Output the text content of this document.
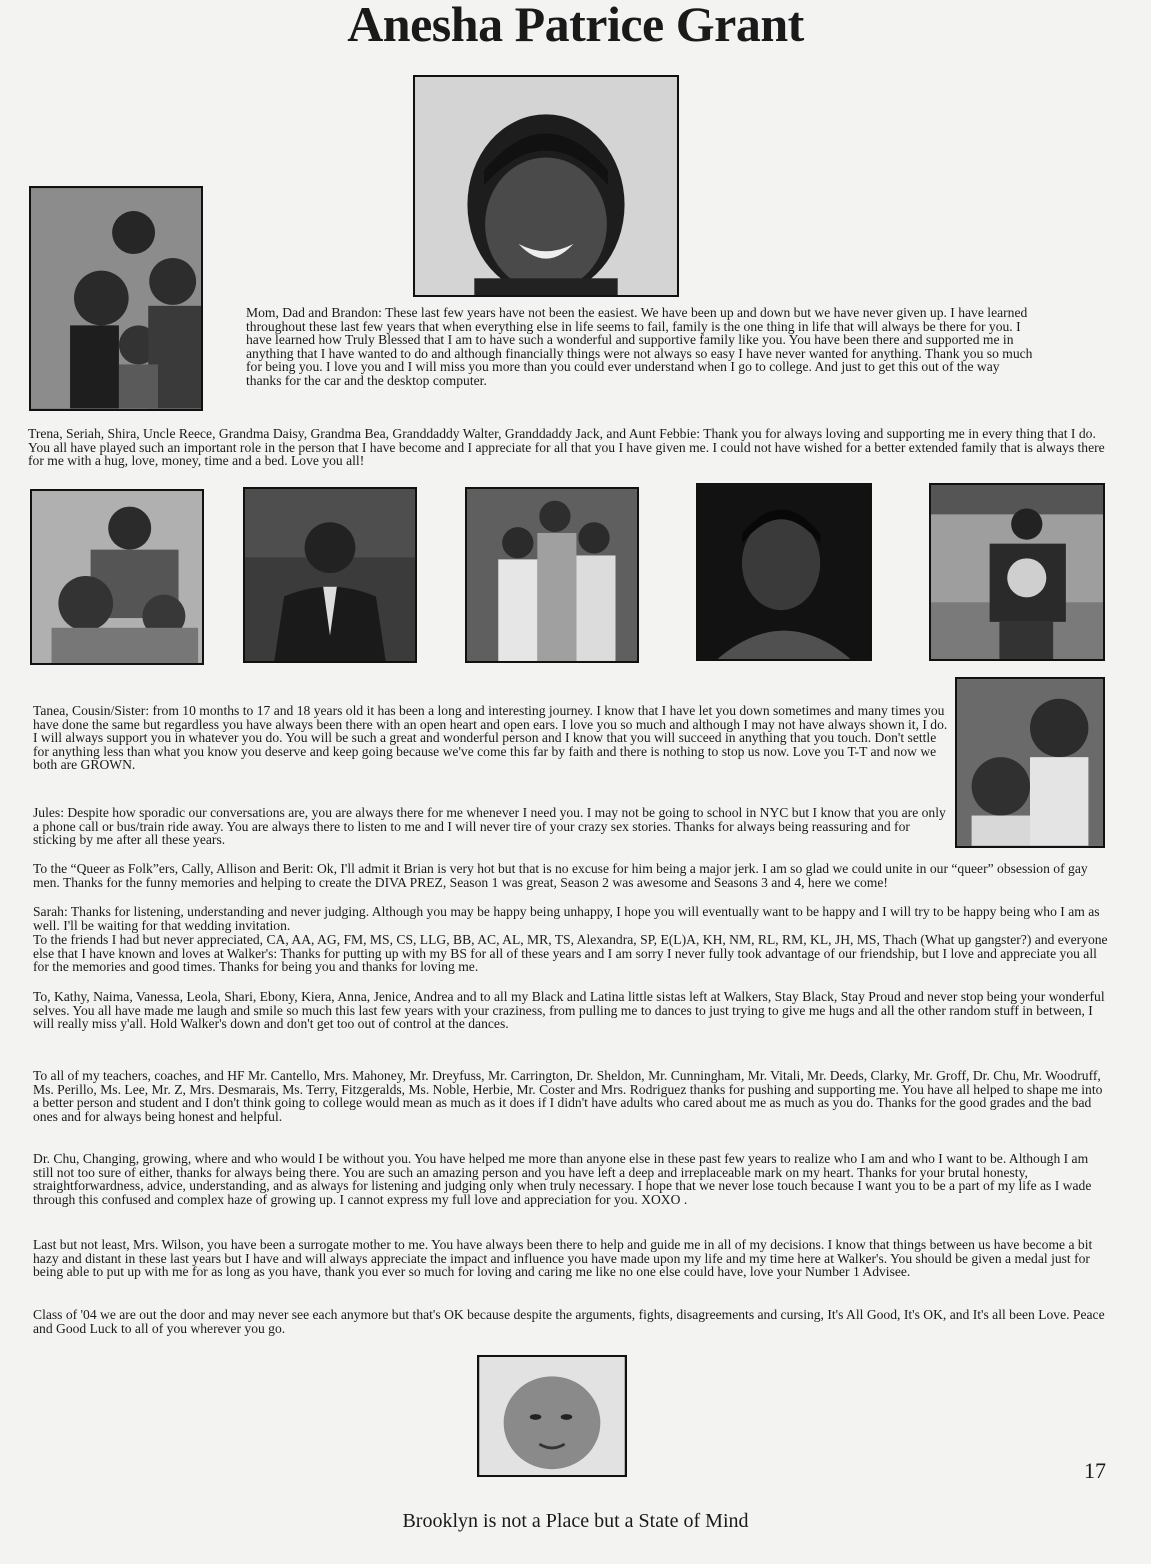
Anesha Patrice Grant

Mom, Dad and Brandon: These last few years have not been the easiest. We have been up and down but we have never given up. I have learned throughout these last few years that when everything else in life seems to fail, family is the one thing in life that will always be there for you. I have learned how Truly Blessed that I am to have such a wonderful and supportive family like you. You have been there and supported me in anything that I have wanted to do and although financially things were not always so easy I have never wanted for anything. Thank you so much for being you. I love you and I will miss you more than you could ever understand when I go to college. And just to get this out of the way thanks for the car and the desktop computer.

Trena, Seriah, Shira, Uncle Reece, Grandma Daisy, Grandma Bea, Granddaddy Walter, Granddaddy Jack, and Aunt Febbie: Thank you for always loving and supporting me in every thing that I do. You all have played such an important role in the person that I have become and I appreciate for all that you I have given me. I could not have wished for a better extended family that is always there for me with a hug, love, money, time and a bed. Love you all!

Tanea, Cousin/Sister: from 10 months to 17 and 18 years old it has been a long and interesting journey. I know that I have let you down sometimes and many times you have done the same but regardless you have always been there with an open heart and open ears. I love you so much and although I may not have always shown it, I do. I will always support you in whatever you do. You will be such a great and wonderful person and I know that you will succeed in anything that you touch. Don't settle for anything less than what you know you deserve and keep going because we've come this far by faith and there is nothing to stop us now. Love you T-T and now we both are GROWN.

Jules: Despite how sporadic our conversations are, you are always there for me whenever I need you. I may not be going to school in NYC but I know that you are only a phone call or bus/train ride away. You are always there to listen to me and I will never tire of your crazy sex stories. Thanks for always being reassuring and for sticking by me after all these years.

To the “Queer as Folk”ers, Cally, Allison and Berit: Ok, I'll admit it Brian is very hot but that is no excuse for him being a major jerk. I am so glad we could unite in our “queer” obsession of gay men. Thanks for the funny memories and helping to create the DIVA PREZ, Season 1 was great, Season 2 was awesome and Seasons 3 and 4, here we come!

Sarah: Thanks for listening, understanding and never judging. Although you may be happy being unhappy, I hope you will eventually want to be happy and I will try to be happy being who I am as well. I'll be waiting for that wedding invitation.

To the friends I had but never appreciated, CA, AA, AG, FM, MS, CS, LLG, BB, AC, AL, MR, TS, Alexandra, SP, E(L)A, KH, NM, RL, RM, KL, JH, MS, Thach (What up gangster?) and everyone else that I have known and loves at Walker's: Thanks for putting up with my BS for all of these years and I am sorry I never fully took advantage of our friendship, but I love and appreciate you all for the memories and good times. Thanks for being you and thanks for loving me.

To, Kathy, Naima, Vanessa, Leola, Shari, Ebony, Kiera, Anna, Jenice, Andrea and to all my Black and Latina little sistas left at Walkers, Stay Black, Stay Proud and never stop being your wonderful selves. You all have made me laugh and smile so much this last few years with your craziness, from pulling me to dances to just trying to give me hugs and all the other random stuff in between, I will really miss y'all. Hold Walker's down and don't get too out of control at the dances.

To all of my teachers, coaches, and HF Mr. Cantello, Mrs. Mahoney, Mr. Dreyfuss, Mr. Carrington, Dr. Sheldon, Mr. Cunningham, Mr. Vitali, Mr. Deeds, Clarky, Mr. Groff, Dr. Chu, Mr. Woodruff, Ms. Perillo, Ms. Lee, Mr. Z, Mrs. Desmarais, Ms. Terry, Fitzgeralds, Ms. Noble, Herbie, Mr. Coster and Mrs. Rodriguez thanks for pushing and supporting me. You have all helped to shape me into a better person and student and I don't think going to college would mean as much as it does if I didn't have adults who cared about me as much as you do. Thanks for the good grades and the bad ones and for always being honest and helpful.

Dr. Chu, Changing, growing, where and who would I be without you. You have helped me more than anyone else in these past few years to realize who I am and who I want to be. Although I am still not too sure of either, thanks for always being there. You are such an amazing person and you have left a deep and irreplaceable mark on my heart. Thanks for your brutal honesty, straightforwardness, advice, understanding, and as always for listening and judging only when truly necessary. I hope that we never lose touch because I want you to be a part of my life as I wade through this confused and complex haze of growing up. I cannot express my full love and appreciation for you. XOXO .

Last but not least, Mrs. Wilson, you have been a surrogate mother to me. You have always been there to help and guide me in all of my decisions. I know that things between us have become a bit hazy and distant in these last years but I have and will always appreciate the impact and influence you have made upon my life and my time here at Walker's. You should be given a medal just for being able to put up with me for as long as you have, thank you ever so much for loving and caring me like no one else could have, love your Number 1 Advisee.

Class of '04 we are out the door and may never see each anymore but that's OK because despite the arguments, fights, disagreements and cursing, It's All Good, It's OK, and It's all been Love. Peace and Good Luck to all of you wherever you go.

17
Brooklyn is not a Place but a State of Mind
